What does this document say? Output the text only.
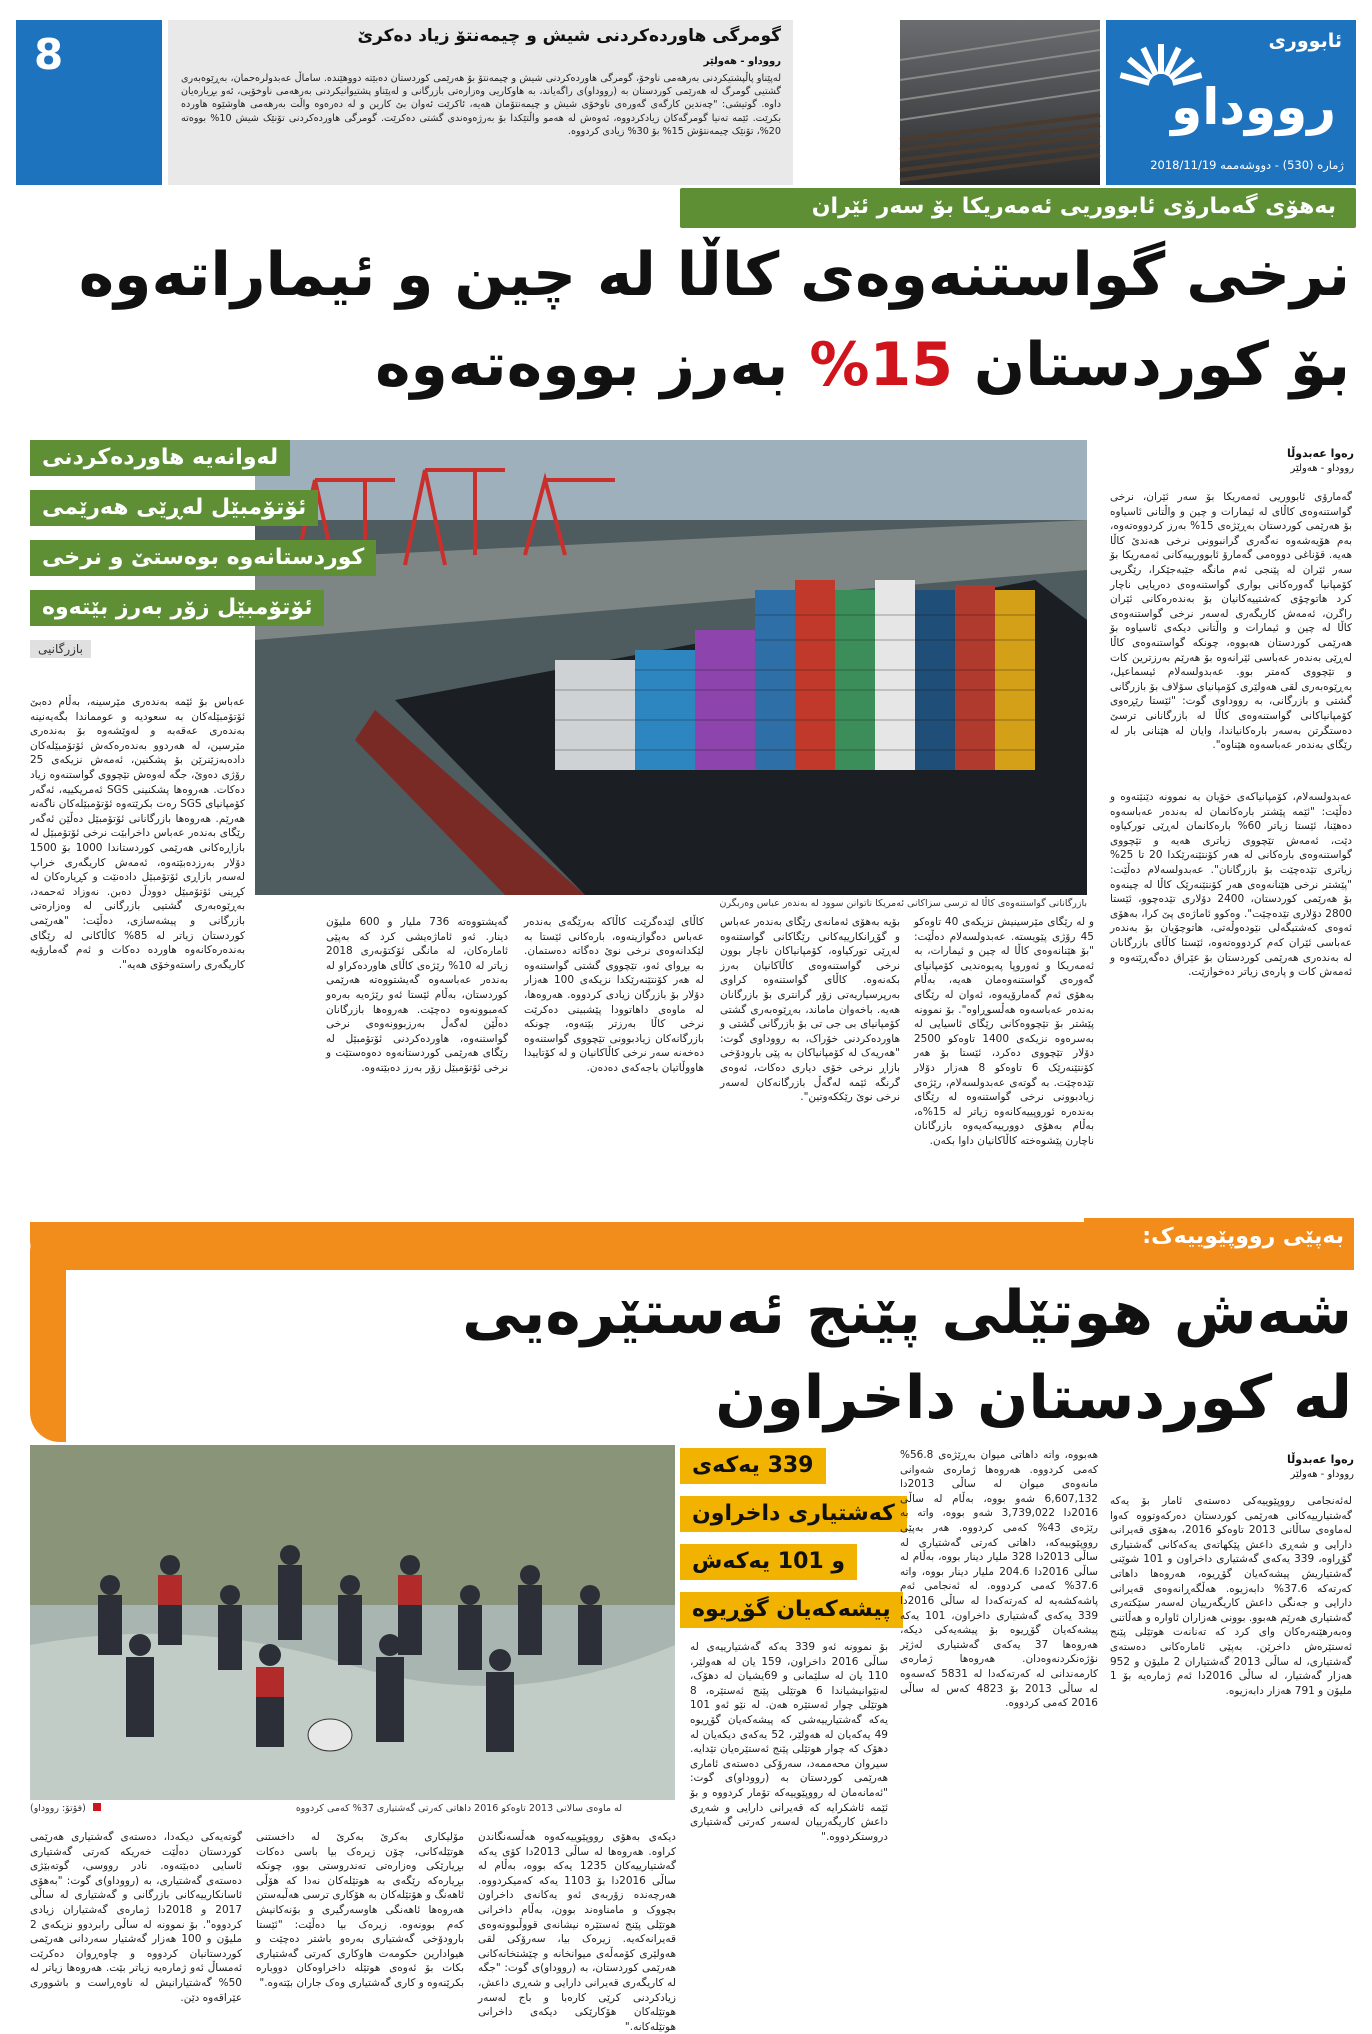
ئابووری
رووداو
ژمارە (530) - دووشەممە 2018/11/19
گومرگی هاوردەکردنی شیش و چیمەنتۆ زیاد دەکرێ
رووداو - هەولێر
لەپێناو پاڵپشتیکردنی بەرهەمی ناوخۆ، گومرگی هاوردەکردنی شیش و چیمەنتۆ بۆ هەرێمی کوردستان دەبێتە دووهێندە. ساماڵ عەبدولرەحمان، بەڕێوەبەری گشتیی گومرگ لە هەرێمی کوردستان بە (رووداو)ی راگەیاند، بە هاوکاریی وەزارەتی بازرگانی و لەپێناو پشتیوانیکردنی بەرهەمی ناوخۆیی، ئەو بڕیارەیان داوە. گوتیشی: "چەندین کارگەی گەورەی ناوخۆی شیش و چیمەنتۆمان هەیە، ئاکرێت ئەوان بێ کارین و لە دەرەوە واڵت بەرهەمی هاوشێوە هاوردە بکرێت. ئێمە تەنیا گومرگەکان زیادکردووە، ئەوەش لە هەمو واڵتێکدا بۆ بەرژەوەندی گشتی دەکرێت. گومرگی هاوردەکردنی تۆنێک شیش 10% بووەتە 20%، تۆنێک چیمەنتۆش 15% بۆ 30% زیادی کردووە.
8
بەهۆی گەمارۆی ئابووریی ئەمەریکا بۆ سەر ئێران
نرخی گواستنەوەی کاڵا لە چین و ئیماراتەوە
بۆ کوردستان 15% بەرز بووەتەوە
بازرگانانی گواستنەوەی کاڵا لە ترسی سزاکانی ئەمریکا ناتوانن سوود لە بەندەر عباس وەربگرن
لەوانەیە هاوردەکردنی
ئۆتۆمبێل لەڕێی هەرێمی
کوردستانەوە بوەستێ و نرخی
ئۆتۆمبێل زۆر بەرز بێتەوە
بازرگانیی
رەوا عەبدوڵا
رووداو - هەولێر
گەمارۆی ئابووریی ئەمەریکا بۆ سەر ئێران، نرخی گواستنەوەی کاڵای لە ئیمارات و چین و واڵتانی ئاسیاوە بۆ هەرێمی کوردستان بەڕێژەی 15% بەرز کردووەتەوە، بەم هۆیەشەوە نەگەری گرانبوونی نرخی هەندێ کاڵا هەیە. قۆناغی دووەمی گەمارۆ ئابوورییەکانی ئەمەریکا بۆ سەر ئێران لە پێنجی ئەم مانگە جێبەجێکرا، رێگریی کۆمپانیا گەورەکانی بواری گواستنەوەی دەریایی ناچار کرد هاتوچۆی کەشتییەکانیان بۆ بەندەرەکانی ئێران راگرن، ئەمەش کاریگەری لەسەر نرخی گواستنەوەی کاڵا لە چین و ئیمارات و واڵتانی دیکەی ئاسیاوە بۆ هەرێمی کوردستان هەبووە، چونکە گواستنەوەی کاڵا لەڕێی بەندەر عەباسی ئێرانەوە بۆ هەرێم بەرزترین کات و تێچووی کەمتر بوو. عەبدولسەلام ئیسماعیل، بەڕێوەبەری لقی هەولێری کۆمپانیای سۆلاف بۆ بازرگانی گشتی و بازرگانی، بە رووداوی گوت: "ئێستا رێڕەوی کۆمپانیاکانی گواستنەوەی کاڵا لە بازرگانانی ترسێ دەستگرتن بەسەر بارەکانیاندا، وایان لە هێنانی بار لە رێگای بەندەر عەباسەوە هێناوە".
عەبدولسەلام، کۆمپانیاکەی خۆیان بە نموونە دێنێتەوە و دەڵێت: "ئێمە پێشتر بارەکانمان لە بەندەر عەباسەوە دەهێنا، ئێستا زیاتر 60% بارەکانمان لەڕێی تورکیاوە دێت، ئەمەش تێچووی زیاتری هەیە و تێچووی گواستنەوەی بارەکانی لە هەر کۆنتێنەرێکدا 20 تا 25% زیاتری تێدەچێت بۆ بازرگانان". عەبدولسەلام دەڵێت: "پێشتر نرخی هێنانەوەی هەر کۆنتێنەرێک کاڵا لە چینەوە بۆ هەرێمی کوردستان، 2400 دۆلاری تێدەچوو، ئێستا 2800 دۆلاری تێدەچێت". وەکوو ئاماژەی پێ کرا، بەهۆی ئەوەی کەشتیگەلی نێودەوڵەتی، هاتوچۆیان بۆ بەندەر عەباسی ئێران کەم کردووەتەوە، ئێستا کاڵای بازرگانان لە بەندەری هەرێمی کوردستان بۆ عێراق دەگەڕێتەوە و ئەمەش کات و پارەی زیاتر دەخوازێت.
و لە رێگای مێرسینیش نزیکەی 40 تاوەکو 45 رۆژی پێویستە. عەبدولسەلام دەڵێت: "بۆ هێنانەوەی کاڵا لە چین و ئیمارات، بە ئەمەریکا و ئەوروپا پەیوەندیی کۆمپانیای گەورەی گواستنەوەمان هەیە، بەڵام بەهۆی ئەم گەمارۆیەوە، ئەوان لە رێگای بەندەر عەباسەوە هەڵسوڕاوە". بۆ نموونە پێشتر بۆ تێچووەکانی رێگای ئاسیایی لە بەسرەوە نزیکەی 1400 تاوەکو 2500 دۆلار تێچووی دەکرد، ئێستا بۆ هەر کۆنتێنەرێک 6 تاوەکو 8 هەزار دۆلار تێدەچێت. بە گوتەی عەبدولسەلام، رێژەی زیادبوونی نرخی گواستنەوە لە رێگای بەندەرە ئوروپییەکانەوە زیاتر لە 15%ە، بەڵام بەهۆی دوورییەکەیەوە بازرگانان ناچارن پێشوەختە کاڵاکانیان داوا بکەن.
بۆیە بەهۆی ئەمانەی رێگای بەندەر عەباس و گۆڕانکارییەکانی رێگاکانی گواستنەوە لەڕێی تورکیاوە، کۆمپانیاکان ناچار بوون نرخی گواستنەوەی کاڵاکانیان بەرز بکەنەوە. کاڵای گواستنەوە کراوی بەرپرسیاریەتی زۆر گرانتری بۆ بازرگانان هەیە. باخەوان ماماند، بەڕێوەبەری گشتی کۆمپانیای بی جی تی بۆ بازرگانی گشتی و هاوردەکردنی خۆراک، بە رووداوی گوت: "هەریەک لە کۆمپانیاکان بە پێی بارودۆخی بازاڕ نرخی خۆی دیاری دەکات، ئەوەی گرنگە ئێمە لەگەڵ بازرگانەکان لەسەر نرخی نوێ رێککەوتین".
کاڵای لێدەگرێت کاڵاکە بەرێگەی بەندەر عەباس دەگوازینەوە، بارەکانی ئێستا بە لێکدانەوەی نرخی نوێ دەگاتە دەستمان. بە بڕوای ئەو، تێچووی گشتی گواستنەوە لە هەر کۆنتێنەرێکدا نزیکەی 100 هەزار دۆلار بۆ بازرگان زیادی کردووە. هەروەها، لە ماوەی داهاتوودا پێشبینی دەکرێت نرخی کاڵا بەرزتر بێتەوە، چونکە بازرگانەکان زیادبوونی تێچووی گواستنەوە دەخەنە سەر نرخی کاڵاکانیان و لە کۆتاییدا هاووڵاتیان باجەکەی دەدەن.
گەیشتووەتە 736 ملیار و 600 ملیۆن دینار. ئەو ئاماژەیشی کرد کە بەپێی ئامارەکان، لە مانگی ئۆکتۆبەری 2018 زیاتر لە 10% رێژەی کاڵای هاوردەکراو لە بەندەر عەباسەوە گەیشتووەتە هەرێمی کوردستان، بەڵام ئێستا ئەو رێژەیە بەرەو کەمبوونەوە دەچێت. هەروەها بازرگانان دەڵێن لەگەڵ بەرزبوونەوەی نرخی گواستنەوە، هاوردەکردنی ئۆتۆمبێل لە رێگای هەرێمی کوردستانەوە دەوەستێت و نرخی ئۆتۆمبێل زۆر بەرز دەبێتەوە.
عەباس بۆ ئێمە بەندەری مێرسینە، بەڵام دەبێ ئۆتۆمبێلەکان بە سعودیە و عومماندا بگەیەنینە بەندەری عەقەبە و لەوێشەوە بۆ بەندەری مێرسین، لە هەردوو بەندەرەکەش ئۆتۆمبێلەکان دادەبەزێنرێن بۆ پشکنین، ئەمەش نزیکەی 25 رۆژی دەوێ، جگە لەوەش تێچووی گواستنەوە زیاد دەکات. هەروەها پشکنینی SGS ئەمریکییە، ئەگەر کۆمپانیای SGS رەت بکرێتەوە ئۆتۆمبێلەکان ناگەنە هەرێم. هەروەها بازرگانانی ئۆتۆمبێل دەڵێن ئەگەر رێگای بەندەر عەباس داخرابێت نرخی ئۆتۆمبێل لە بازاڕەکانی هەرێمی کوردستاندا 1000 بۆ 1500 دۆلار بەرزدەبێتەوە، ئەمەش کاریگەری خراپ لەسەر بازاڕی ئۆتۆمبێل دادەنێت و کڕیارەکان لە کڕینی ئۆتۆمبێل دوودڵ دەبن. نەوزاد ئەحمەد، بەڕێوەبەری گشتیی بازرگانی لە وەزارەتی بازرگانی و پیشەسازی، دەڵێت: "هەرێمی کوردستان زیاتر لە 85% کاڵاکانی لە رێگای بەندەرەکانەوە هاوردە دەکات و ئەم گەمارۆیە کاریگەری راستەوخۆی هەیە".
بەپێی رووپێوییەک:
شەش هوتێلی پێنج ئەستێرەیی
لە کوردستان داخراون
لە ماوەی سالانی 2013 تاوەکو 2016 داهاتی کەرتی گەشتیاری 37% کەمی کردووە
(فۆتۆ: رووداو)
339 یەکەی
کەشتیاری داخراون
و 101 یەکەش
پیشەکەیان گۆڕیوە
رەوا عەبدوڵا
رووداو - هەولێر
لەئەنجامی رووپێوییەکی دەستەی ئامار بۆ یەکە گەشتیارییەکانی هەرێمی کوردستان دەرکەوتووە کەوا لەماوەی ساڵانی 2013 تاوەکو 2016، بەهۆی قەیرانی دارایی و شەڕی داعش پێکهاتەی یەکەکانی گەشتیاری گۆڕاوە، 339 یەکەی گەشتیاری داخراون و 101 شوێنی گەشتیاریش پیشەکەیان گۆڕیوە، هەروەها داهاتی کەرتەکە 37.6% دابەزیوە. هەڵگەڕانەوەی قەیرانی دارایی و جەنگی داعش کاریگەرییان لەسەر سێکتەری گەشتیاری هەرێم هەبوو. بوونی هەزاران ئاوارە و هەڵاتنی وەبەرهێنەرەکان وای کرد کە تەنانەت هوتێلی پێنج ئەستێرەش داخرێن. بەپێی ئامارەکانی دەستەی گەشتیاری، لە ساڵی 2013 گەشتیاران 2 ملیۆن و 952 هەزار گەشتیار، لە ساڵی 2016دا ئەم ژمارەیە بۆ 1 ملیۆن و 791 هەزار دابەزیوە.
هەبووە، واتە داهاتی میوان بەڕێژەی 56.8% کەمی کردووە. هەروەها ژمارەی شەوانی مانەوەی میوان لە ساڵی 2013دا 6,607,132 شەو بووە، بەڵام لە ساڵی 2016دا 3,739,022 شەو بووە، واتە بە رێژەی 43% کەمی کردووە. هەر بەپێی رووپێوییەکە، داهاتی کەرتی گەشتیاری لە ساڵی 2013دا 328 ملیار دینار بووە، بەڵام لە ساڵی 2016دا 204.6 ملیار دینار بووە، واتە 37.6% کەمی کردووە. لە ئەنجامی ئەم پاشەکشەیە لە کەرتەکەدا لە ساڵی 2016دا 339 یەکەی گەشتیاری داخراون، 101 یەکە پیشەکەیان گۆڕیوە بۆ پیشەیەکی دیکە، هەروەها 37 یەکەی گەشتیاری لەژێر نۆژەنکردنەوەدان. هەروەها ژمارەی کارمەندانی لە کەرتەکەدا لە 5831 کەسەوە لە ساڵی 2013 بۆ 4823 کەس لە ساڵی 2016 کەمی کردووە.
بۆ نموونە ئەو 339 یەکە گەشتیارییەی لە ساڵی 2016 داخراون، 159 یان لە هەولێر، 110 یان لە سلێمانی و 69یشیان لە دهۆک، لەنێوانیشیاندا 6 هوتێلی پێنج ئەستێرە، 8 هوتێلی چوار ئەستێرە هەن. لە نێو ئەو 101 یەکە گەشتیارییەشی کە پیشەکەیان گۆڕیوە 49 یەکەیان لە هەولێر، 52 یەکەی دیکەیان لە دهۆک کە چوار هوتێلی پێنج ئەستێرەیان تێدایە. سیروان محەممەد، سەرۆکی دەستەی ئاماری هەرێمی کوردستان بە (رووداو)ی گوت: "ئەمانەمان لە رووپێوییەکە تۆمار کردووە و بۆ ئێمە ئاشکرایە کە قەیرانی دارایی و شەڕی داعش کاریگەرییان لەسەر کەرتی گەشتیاری دروستکردووە."
دیکەی بەهۆی رووپێوییەکەوە هەڵسەنگاندن کراوە. هەروەها لە ساڵی 2013دا کۆی یەکە گەشتیارییەکان 1235 یەکە بووە، بەڵام لە ساڵی 2016دا بۆ 1103 یەکە کەمیکردووە. هەرچەندە زۆربەی ئەو یەکانەی داخراون بچووک و مامناوەند بوون، بەڵام داخرانی هوتێلی پێنج ئەستێرە نیشانەی قووڵبوونەوەی قەیرانەکەیە. زیرەک بیا، سەرۆکی لقی هەولێری کۆمەڵەی میوانخانە و چێشتخانەکانی هەرێمی کوردستان، بە (رووداو)ی گوت: "جگە لە کاریگەری قەیرانی دارایی و شەڕی داعش، زیادکردنی کرێی کارەبا و باج لەسەر هوتێلەکان هۆکارێکی دیکەی داخرانی هوتێلەکانە."
مۆلیکاری بەکرێ بەکرێ لە داخستنی هوتێلەکانی، چۆن زیرەک بیا باسی دەکات بڕیارێکی وەزارەتی تەندروستی بوو، چونکە بڕیارەکە رێگەی بە هوتێلەکان نەدا کە هۆڵی ئاهەنگ و هۆتێلەکان بە هۆکاری ترسی هەڵبەستن هەروەها ئاهەنگی هاوسەرگیری و بۆنەکانیش کەم بوونەوە. زیرەک بیا دەڵێت: "ئێستا بارودۆخی گەشتیاری بەرەو باشتر دەچێت و هیوادارین حکومەت هاوکاری کەرتی گەشتیاری بکات بۆ ئەوەی هوتێلە داخراوەکان دووبارە بکرێنەوە و کاری گەشتیاری وەک جاران بێتەوە."
گوتەیەکی دیکەدا، دەستەی گەشتیاری هەرێمی کوردستان دەڵێت خەریکە کەرتی گەشتیاری ئاسایی دەبێتەوە. نادر رووسی، گوتەبێژی دەستەی گەشتیاری، بە (رووداو)ی گوت: "بەهۆی ئاسانکارییەکانی بازرگانی و گەشتیاری لە ساڵی 2017 و 2018دا ژمارەی گەشتیاران زیادی کردووە". بۆ نموونە لە ساڵی رابردوو نزیکەی 2 ملیۆن و 100 هەزار گەشتیار سەردانی هەرێمی کوردستانیان کردووە و چاوەڕوان دەکرێت ئەمساڵ ئەو ژمارەیە زیاتر بێت. هەروەها زیاتر لە 50% گەشتیارانیش لە ناوەڕاست و باشووری عێراقەوە دێن.
